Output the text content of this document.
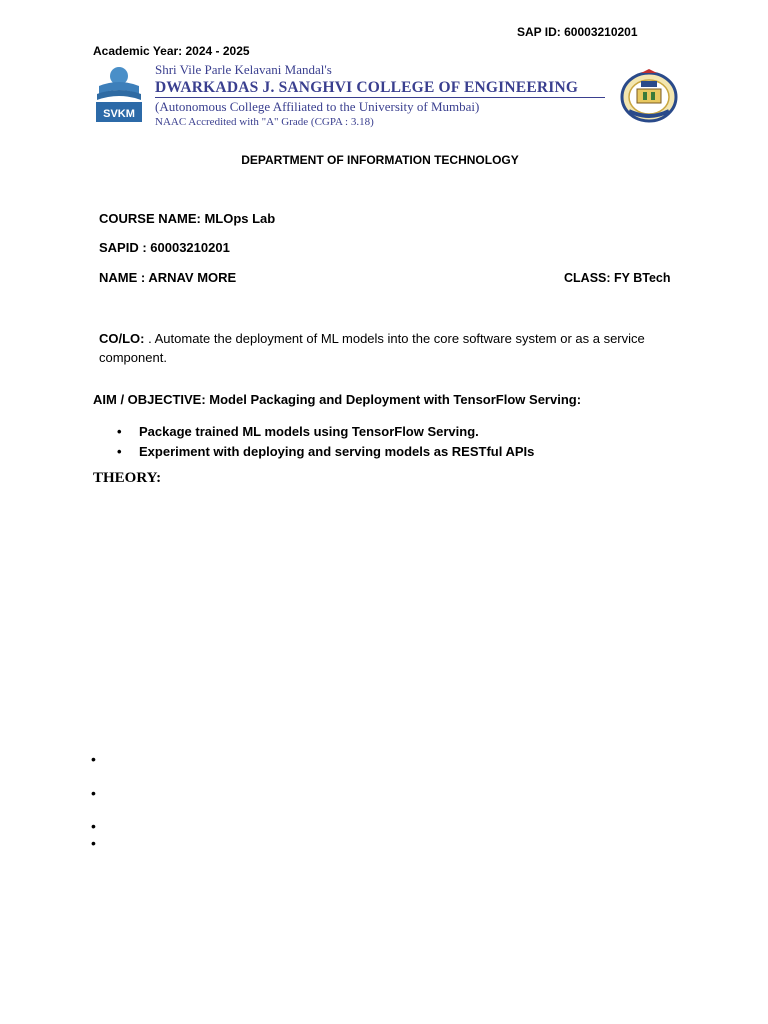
SAP ID: 60003210201
Academic Year: 2024 - 2025
SVKM
Shri Vile Parle Kelavani Mandal's
DWARKADAS J. SANGHVI COLLEGE OF ENGINEERING
(Autonomous College Affiliated to the University of Mumbai)
NAAC Accredited with "A" Grade (CGPA : 3.18)
DEPARTMENT OF INFORMATION TECHNOLOGY
COURSE NAME: MLOps Lab
SAPID : 60003210201
NAME : ARNAV MORE	CLASS: FY BTech
CO/LO: . Automate the deployment of ML models into the core software system or as a service component.
AIM / OBJECTIVE: Model Packaging and Deployment with TensorFlow Serving:
• Package trained ML models using TensorFlow Serving.
• Experiment with deploying and serving models as RESTful APIs
THEORY:
•
•
•
•
